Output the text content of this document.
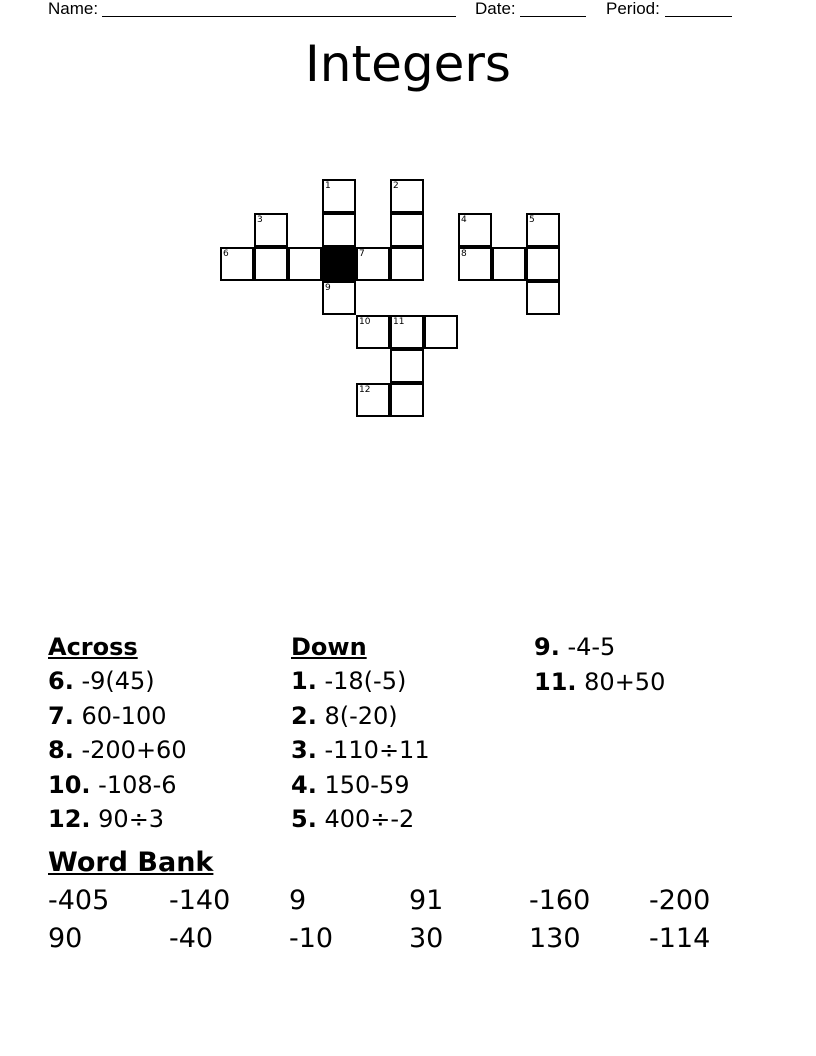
Name:	Date:	Period:
Integers
1	2
3	4	5
6	7	8
9
10	11
12
Across
6. -9(45)
7. 60-100
8. -200+60
10. -108-6
12. 90÷3
Down
1. -18(-5)
2. 8(-20)
3. -110÷11
4. 150-59
5. 400÷-2
9. -4-5
11. 80+50
Word Bank
-405 -140 9	91	-160 -200
90	-40	-10	30	130	-114
